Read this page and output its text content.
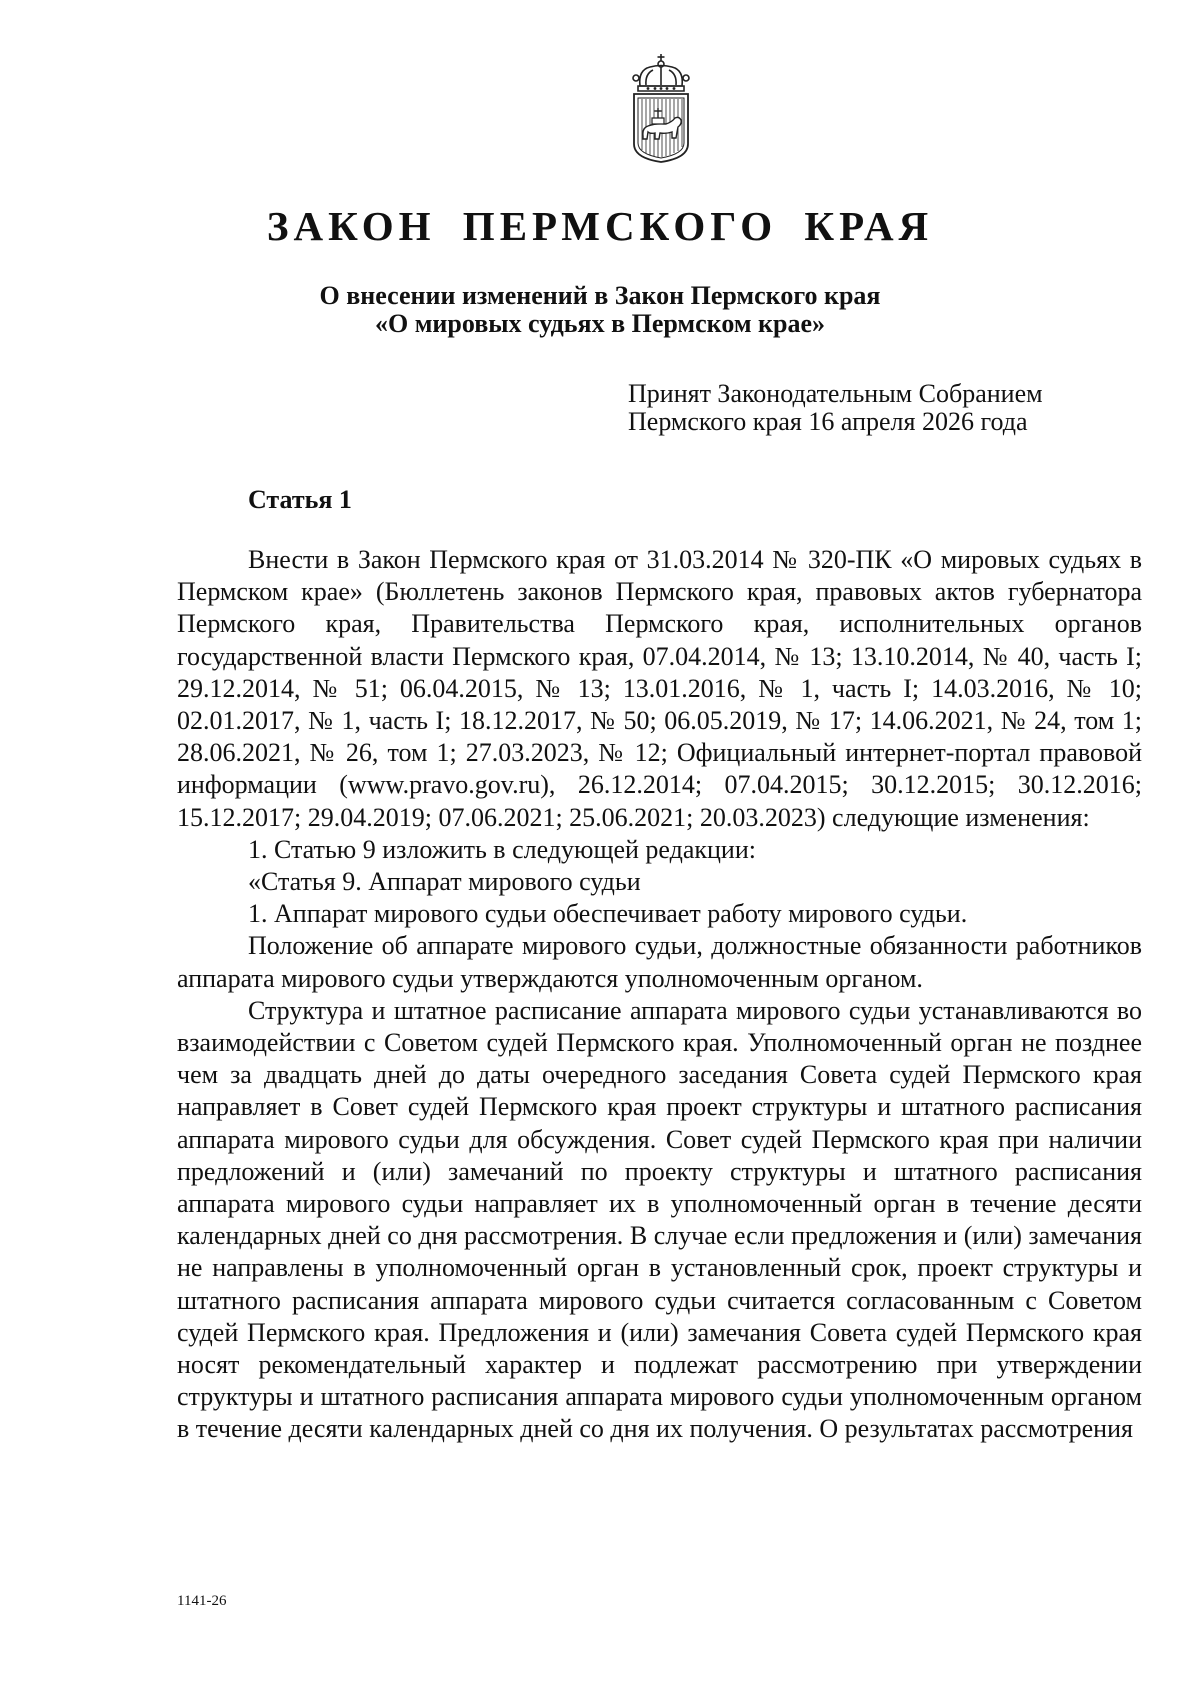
ЗАКОН ПЕРМСКОГО КРАЯ
О внесении изменений в Закон Пермского края
«О мировых судьях в Пермском крае»
Принят Законодательным Собранием
Пермского края 16 апреля 2026 года
Статья 1

Внести в Закон Пермского края от 31.03.2014 № 320-ПК «О мировых судьях в Пермском крае» (Бюллетень законов Пермского края, правовых актов губернатора Пермского края, Правительства Пермского края, исполнительных органов государственной власти Пермского края, 07.04.2014, № 13; 13.10.2014, № 40, часть I; 29.12.2014, № 51; 06.04.2015, № 13; 13.01.2016, № 1, часть I; 14.03.2016, № 10; 02.01.2017, № 1, часть I; 18.12.2017, № 50; 06.05.2019, № 17; 14.06.2021, № 24, том 1; 28.06.2021, № 26, том 1; 27.03.2023, № 12; Официальный интернет-портал правовой информации (www.pravo.gov.ru), 26.12.2014; 07.04.2015; 30.12.2015; 30.12.2016; 15.12.2017; 29.04.2019; 07.06.2021; 25.06.2021; 20.03.2023) следующие изменения:

1. Статью 9 изложить в следующей редакции:

«Статья 9. Аппарат мирового судьи

1. Аппарат мирового судьи обеспечивает работу мирового судьи.

Положение об аппарате мирового судьи, должностные обязанности работников аппарата мирового судьи утверждаются уполномоченным органом.

Структура и штатное расписание аппарата мирового судьи устанавливаются во взаимодействии с Советом судей Пермского края. Уполномоченный орган не позднее чем за двадцать дней до даты очередного заседания Совета судей Пермского края направляет в Совет судей Пермского края проект структуры и штатного расписания аппарата мирового судьи для обсуждения. Совет судей Пермского края при наличии предложений и (или) замечаний по проекту структуры и штатного расписания аппарата мирового судьи направляет их в уполномоченный орган в течение десяти календарных дней со дня рассмотрения. В случае если предложения и (или) замечания не направлены в уполномоченный орган в установленный срок, проект структуры и штатного расписания аппарата мирового судьи считается согласованным с Советом судей Пермского края. Предложения и (или) замечания Совета судей Пермского края носят рекомендательный характер и подлежат рассмотрению при утверждении структуры и штатного расписания аппарата мирового судьи уполномоченным органом в течение десяти календарных дней со дня их получения. О результатах рассмотрения

1141-26
